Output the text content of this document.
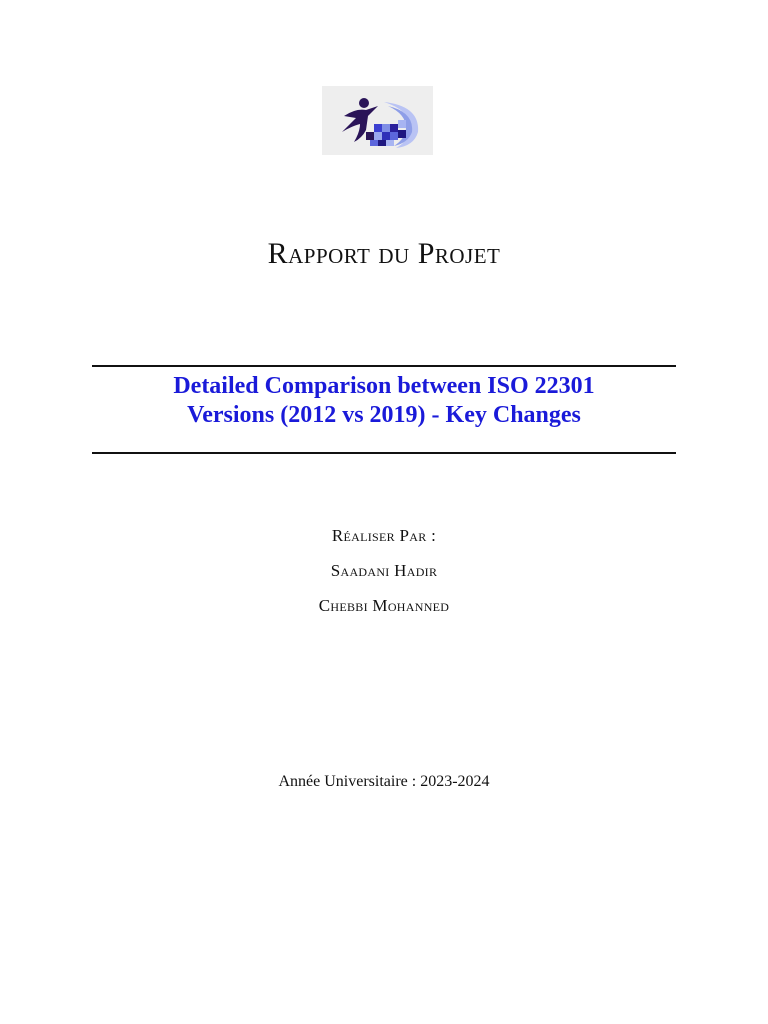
Rapport du Projet
Detailed Comparison between ISO 22301
Versions (2012 vs 2019) - Key Changes
Réaliser Par :
Saadani Hadir
Chebbi Mohanned
Année Universitaire : 2023-2024
